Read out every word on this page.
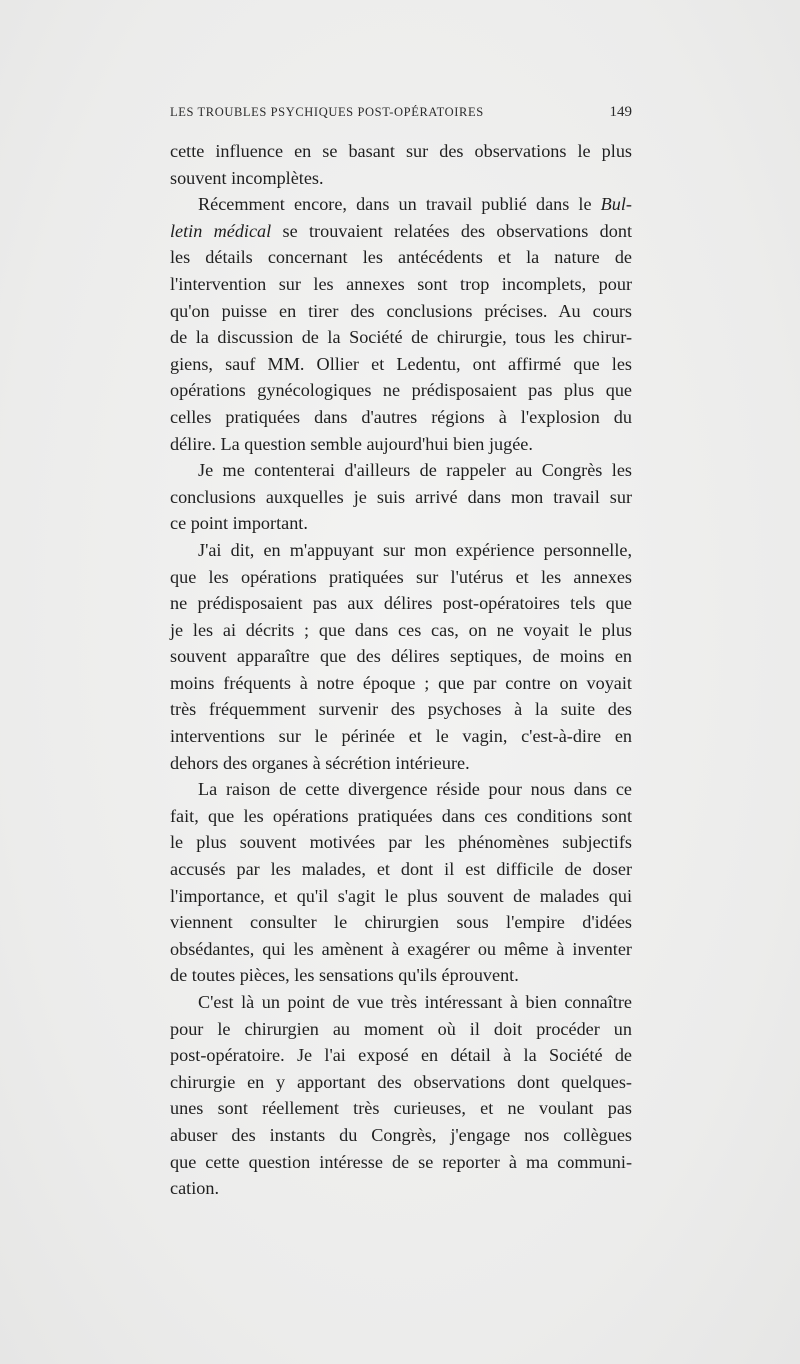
LES TROUBLES PSYCHIQUES POST-OPÉRATOIRES	149
cette influence en se basant sur des observations le plus
souvent incomplètes.
Récemment encore, dans un travail publié dans le Bul-
letin médical se trouvaient relatées des observations dont
les détails concernant les antécédents et la nature de
l'intervention sur les annexes sont trop incomplets, pour
qu'on puisse en tirer des conclusions précises. Au cours
de la discussion de la Société de chirurgie, tous les chirur-
giens, sauf MM. Ollier et Ledentu, ont affirmé que les
opérations gynécologiques ne prédisposaient pas plus que
celles pratiquées dans d'autres régions à l'explosion du
délire. La question semble aujourd'hui bien jugée.
Je me contenterai d'ailleurs de rappeler au Congrès les
conclusions auxquelles je suis arrivé dans mon travail sur
ce point important.
J'ai dit, en m'appuyant sur mon expérience personnelle,
que les opérations pratiquées sur l'utérus et les annexes
ne prédisposaient pas aux délires post-opératoires tels que
je les ai décrits ; que dans ces cas, on ne voyait le plus
souvent apparaître que des délires septiques, de moins en
moins fréquents à notre époque ; que par contre on voyait
très fréquemment survenir des psychoses à la suite des
interventions sur le périnée et le vagin, c'est-à-dire en
dehors des organes à sécrétion intérieure.
La raison de cette divergence réside pour nous dans ce
fait, que les opérations pratiquées dans ces conditions sont
le plus souvent motivées par les phénomènes subjectifs
accusés par les malades, et dont il est difficile de doser
l'importance, et qu'il s'agit le plus souvent de malades qui
viennent consulter le chirurgien sous l'empire d'idées
obsédantes, qui les amènent à exagérer ou même à inventer
de toutes pièces, les sensations qu'ils éprouvent.
C'est là un point de vue très intéressant à bien connaître
pour le chirurgien au moment où il doit procéder un
post-opératoire. Je l'ai exposé en détail à la Société de
chirurgie en y apportant des observations dont quelques-
unes sont réellement très curieuses, et ne voulant pas
abuser des instants du Congrès, j'engage nos collègues
que cette question intéresse de se reporter à ma communi-
cation.
